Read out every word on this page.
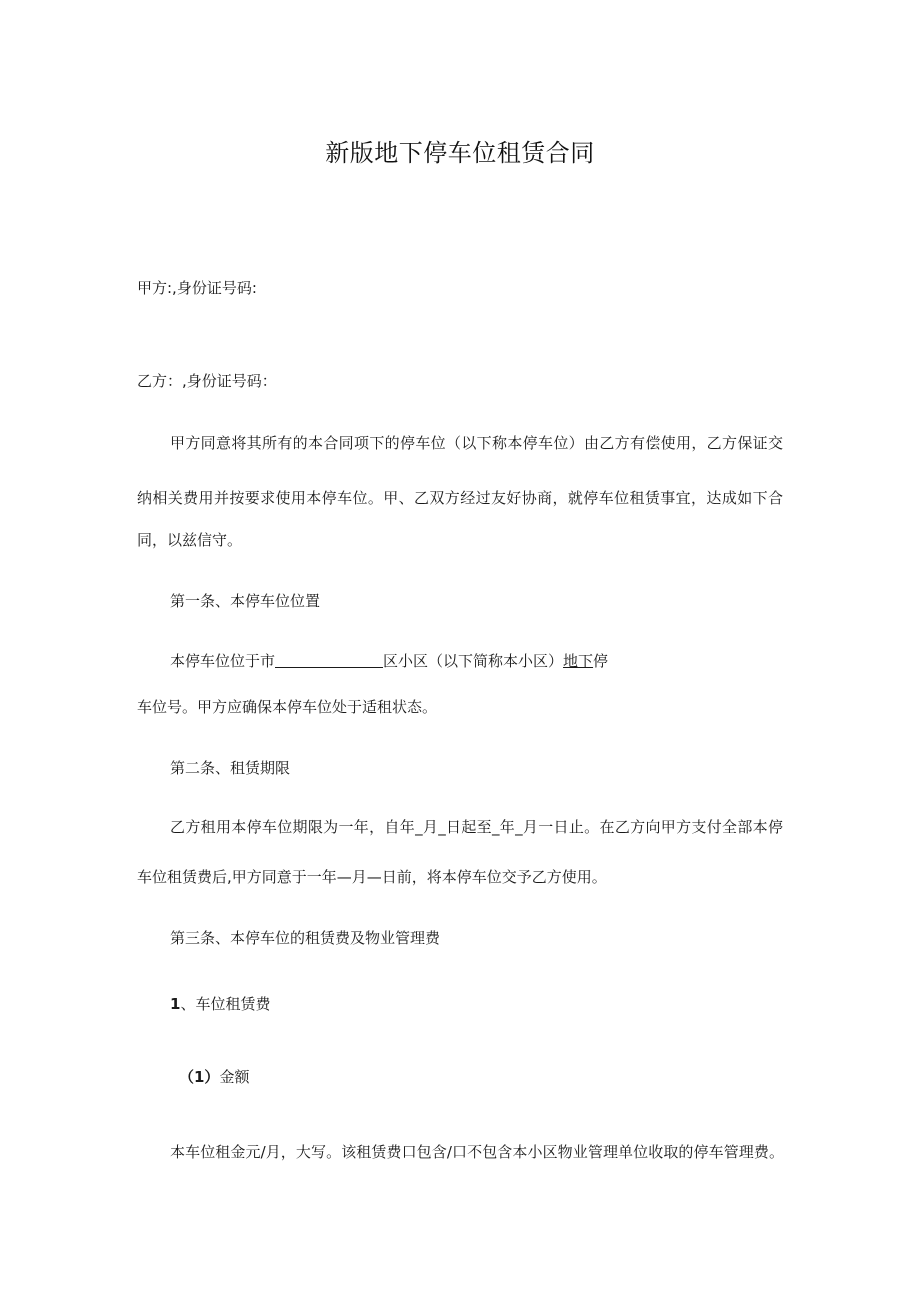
新版地下停车位租赁合同
甲方:,身份证号码:
乙方：,身份证号码：
甲方同意将其所有的本合同项下的停车位（以下称本停车位）由乙方有偿使用，乙方保证交
纳相关费用并按要求使用本停车位。甲、乙双方经过友好协商，就停车位租赁事宜，达成如下合
同，以兹信守。
第一条、本停车位位置
本停车位位于市	区小区（以下简称本小区）地下停
车位号。甲方应确保本停车位处于适租状态。
第二条、租赁期限
乙方租用本停车位期限为一年，自年_月_日起至_年_月一日止。在乙方向甲方支付全部本停
车位租赁费后,甲方同意于一年—月—日前，将本停车位交予乙方使用。
第三条、本停车位的租赁费及物业管理费
1、车位租赁费
（1）金额
本车位租金元/月，大写。该租赁费口包含/口不包含本小区物业管理单位收取的停车管理费。
